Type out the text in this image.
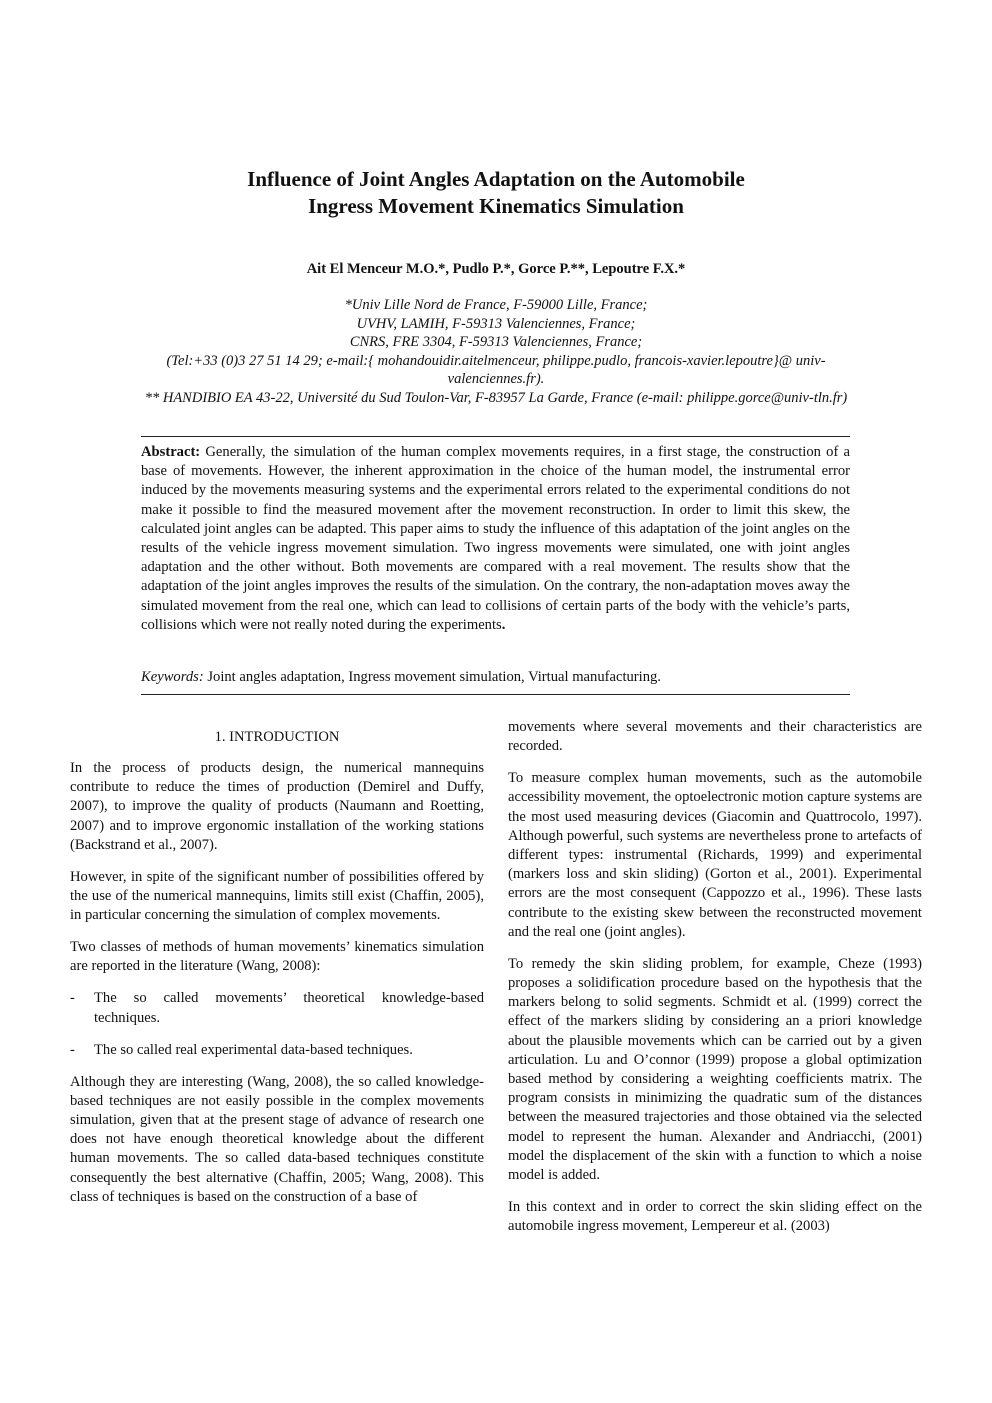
Influence of Joint Angles Adaptation on the Automobile
Ingress Movement Kinematics Simulation
Ait El Menceur M.O.*, Pudlo P.*, Gorce P.**, Lepoutre F.X.*
*Univ Lille Nord de France, F-59000 Lille, France;
UVHV, LAMIH, F-59313 Valenciennes, France;
CNRS, FRE 3304, F-59313 Valenciennes, France;
(Tel:+33 (0)3 27 51 14 29; e-mail:{ mohandouidir.aitelmenceur, philippe.pudlo, francois-xavier.lepoutre}@ univ-
valenciennes.fr).
** HANDIBIO EA 43-22, Université du Sud Toulon-Var, F-83957 La Garde, France (e-mail: philippe.gorce@univ-tln.fr)
Abstract: Generally, the simulation of the human complex movements requires, in a first stage, the construction of a base of movements. However, the inherent approximation in the choice of the human model, the instrumental error induced by the movements measuring systems and the experimental errors related to the experimental conditions do not make it possible to find the measured movement after the movement reconstruction. In order to limit this skew, the calculated joint angles can be adapted. This paper aims to study the influence of this adaptation of the joint angles on the results of the vehicle ingress movement simulation. Two ingress movements were simulated, one with joint angles adaptation and the other without. Both movements are compared with a real movement. The results show that the adaptation of the joint angles improves the results of the simulation. On the contrary, the non-adaptation moves away the simulated movement from the real one, which can lead to collisions of certain parts of the body with the vehicle’s parts, collisions which were not really noted during the experiments.
Keywords: Joint angles adaptation, Ingress movement simulation, Virtual manufacturing.
1. INTRODUCTION

In the process of products design, the numerical mannequins contribute to reduce the times of production (Demirel and Duffy, 2007), to improve the quality of products (Naumann and Roetting, 2007) and to improve ergonomic installation of the working stations (Backstrand et al., 2007).

However, in spite of the significant number of possibilities offered by the use of the numerical mannequins, limits still exist (Chaffin, 2005), in particular concerning the simulation of complex movements.

Two classes of methods of human movements’ kinematics simulation are reported in the literature (Wang, 2008):

- The so called movements’ theoretical knowledge-based techniques.
- The so called real experimental data-based techniques.

Although they are interesting (Wang, 2008), the so called knowledge-based techniques are not easily possible in the complex movements simulation, given that at the present stage of advance of research one does not have enough theoretical knowledge about the different human movements. The so called data-based techniques constitute consequently the best alternative (Chaffin, 2005; Wang, 2008). This class of techniques is based on the construction of a base of

movements where several movements and their characteristics are recorded.

To measure complex human movements, such as the automobile accessibility movement, the optoelectronic motion capture systems are the most used measuring devices (Giacomin and Quattrocolo, 1997). Although powerful, such systems are nevertheless prone to artefacts of different types: instrumental (Richards, 1999) and experimental (markers loss and skin sliding) (Gorton et al., 2001). Experimental errors are the most consequent (Cappozzo et al., 1996). These lasts contribute to the existing skew between the reconstructed movement and the real one (joint angles).

To remedy the skin sliding problem, for example, Cheze (1993) proposes a solidification procedure based on the hypothesis that the markers belong to solid segments. Schmidt et al. (1999) correct the effect of the markers sliding by considering an a priori knowledge about the plausible movements which can be carried out by a given articulation. Lu and O’connor (1999) propose a global optimization based method by considering a weighting coefficients matrix. The program consists in minimizing the quadratic sum of the distances between the measured trajectories and those obtained via the selected model to represent the human. Alexander and Andriacchi, (2001) model the displacement of the skin with a function to which a noise model is added.

In this context and in order to correct the skin sliding effect on the automobile ingress movement, Lempereur et al. (2003)
